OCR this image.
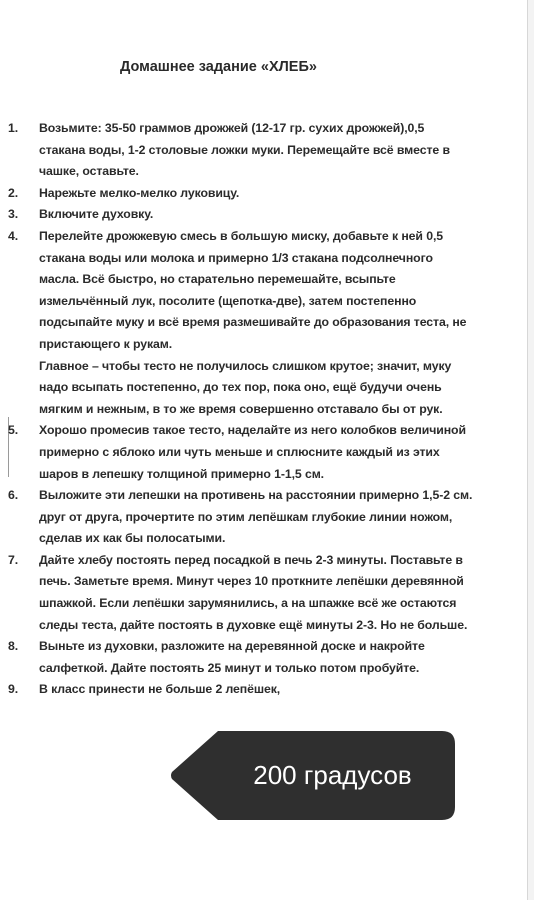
Домашнее задание «ХЛЕБ»
1.	Возьмите: 35-50 граммов дрожжей (12-17 гр. сухих дрожжей),0,5
стакана воды, 1-2 столовые ложки муки. Перемещайте всё вместе в
чашке, оставьте.
2.	Нарежьте мелко-мелко луковицу.
3.	Включите духовку.
4.	Перелейте дрожжевую смесь в большую миску, добавьте к ней 0,5
стакана воды или молока и примерно 1/3 стакана подсолнечного
масла. Всё быстро, но старательно перемешайте, всыпьте
измельчённый лук, посолите (щепотка-две), затем постепенно
подсыпайте муку и всё время размешивайте до образования теста, не
пристающего к рукам.
Главное – чтобы тесто не получилось слишком крутое; значит, муку
надо всыпать постепенно, до тех пор, пока оно, ещё будучи очень
мягким и нежным, в то же время совершенно отставало бы от рук.
5.	Хорошо промесив такое тесто, наделайте из него колобков величиной
примерно с яблоко или чуть меньше и сплюсните каждый из этих
шаров в лепешку толщиной примерно 1-1,5 см.
6.	Выложите эти лепешки на противень на расстоянии примерно 1,5-2 см.
друг от друга, прочертите по этим лепёшкам глубокие линии ножом,
сделав их как бы полосатыми.
7.	Дайте хлебу постоять перед посадкой в печь 2-3 минуты. Поставьте в
печь. Заметьте время. Минут через 10 проткните лепёшки деревянной
шпажкой. Если лепёшки зарумянились, а на шпажке всё же остаются
следы теста, дайте постоять в духовке ещё минуты 2-3. Но не больше.
8.	Выньте из духовки, разложите на деревянной доске и накройте
салфеткой. Дайте постоять 25 минут и только потом пробуйте.
9.	В класс принести не больше 2 лепёшек,
200 градусов
